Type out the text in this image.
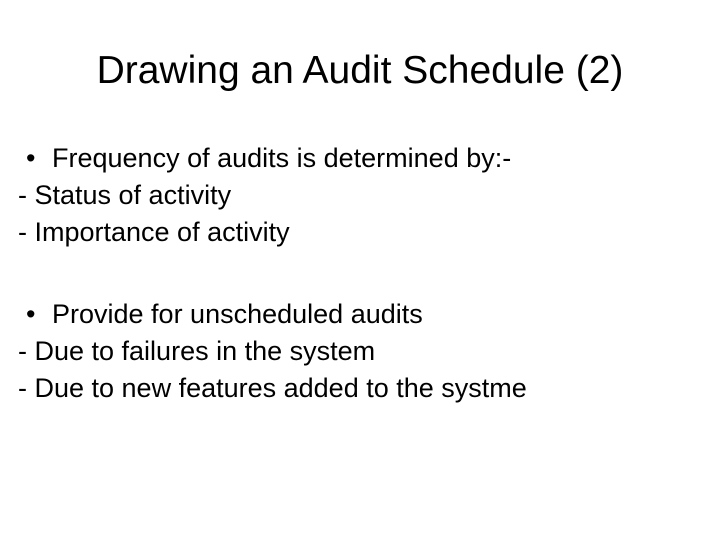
Drawing an Audit Schedule (2)
• Frequency of audits is determined by:-
- Status of activity
- Importance of activity
• Provide for unscheduled audits
- Due to failures in the system
- Due to new features added to the systme
